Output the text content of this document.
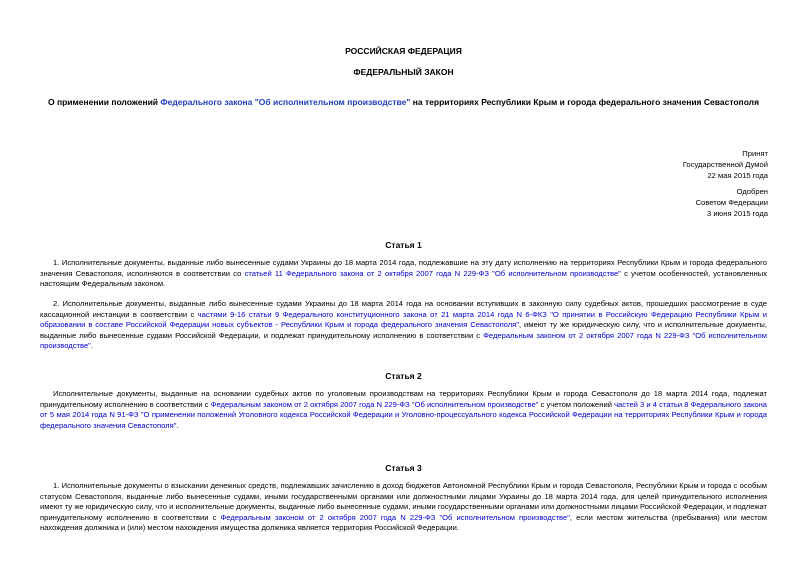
РОССИЙСКАЯ ФЕДЕРАЦИЯ
ФЕДЕРАЛЬНЫЙ ЗАКОН
О применении положений Федерального закона "Об исполнительном производстве" на территориях Республики Крым и города федерального значения Севастополя
Принят
Государственной Думой
22 мая 2015 года
Одобрен
Советом Федерации
3 июня 2015 года
Статья 1
1. Исполнительные документы, выданные либо вынесенные судами Украины до 18 марта 2014 года, подлежавшие на эту дату исполнению на территориях Республики Крым и города федерального значения Севастополя, исполняются в соответствии со статьей 11 Федерального закона от 2 октября 2007 года N 229-ФЗ "Об исполнительном производстве" с учетом особенностей, установленных настоящим Федеральным законом.
2. Исполнительные документы, выданные либо вынесенные судами Украины до 18 марта 2014 года на основании вступивших в законную силу судебных актов, прошедших рассмотрение в суде кассационной инстанции в соответствии с частями 9-16 статьи 9 Федерального конституционного закона от 21 марта 2014 года N 6-ФКЗ "О принятии в Российскую Федерацию Республики Крым и образовании в составе Российской Федерации новых субъектов - Республики Крым и города федерального значения Севастополя", имеют ту же юридическую силу, что и исполнительные документы, выданные либо вынесенные судами Российской Федерации, и подлежат принудительному исполнению в соответствии с Федеральным законом от 2 октября 2007 года N 229-ФЗ "Об исполнительном производстве".
Статья 2
Исполнительные документы, выданные на основании судебных актов по уголовным производствам на территориях Республики Крым и города Севастополя до 18 марта 2014 года, подлежат принудительному исполнению в соответствии с Федеральным законом от 2 октября 2007 года N 229-ФЗ "Об исполнительном производстве" с учетом положений частей 3 и 4 статьи 8 Федерального закона от 5 мая 2014 года N 91-ФЗ "О применении положений Уголовного кодекса Российской Федерации и Уголовно-процессуального кодекса Российской Федерации на территориях Республики Крым и города федерального значения Севастополя".
Статья 3
1. Исполнительные документы о взыскании денежных средств, подлежавших зачислению в доход бюджетов Автономной Республики Крым и города Севастополя, Республики Крым и города с особым статусом Севастополя, выданные либо вынесенные судами, иными государственными органами или должностными лицами Украины до 18 марта 2014 года, для целей принудительного исполнения имеют ту же юридическую силу, что и исполнительные документы, выданные либо вынесенные судами, иными государственными органами или должностными лицами Российской Федерации, и подлежат принудительному исполнению в соответствии с Федеральным законом от 2 октября 2007 года N 229-ФЗ "Об исполнительном производстве", если местом жительства (пребывания) или местом нахождения должника и (или) местом нахождения имущества должника является территория Российской Федерации.
